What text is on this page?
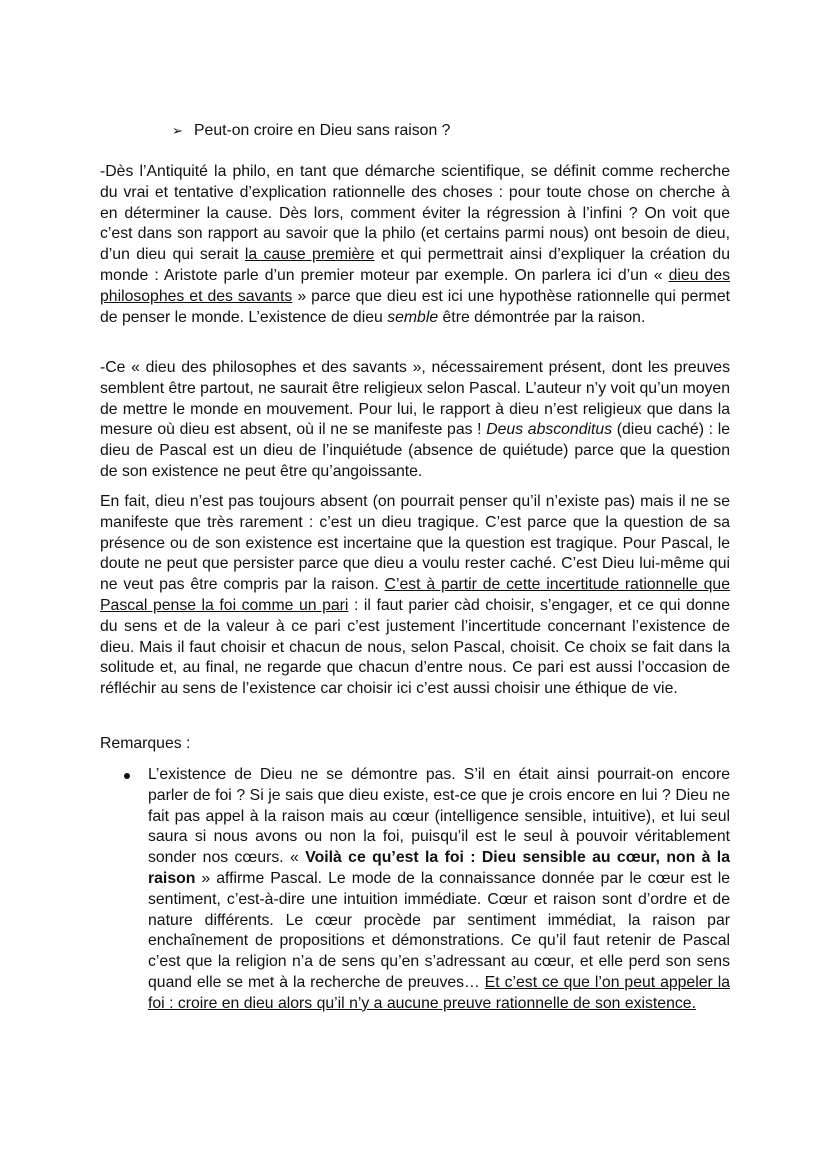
➢ Peut-on croire en Dieu sans raison ?

-Dès l’Antiquité la philo, en tant que démarche scientifique, se définit comme recherche du vrai et tentative d’explication rationnelle des choses : pour toute chose on cherche à en déterminer la cause. Dès lors, comment éviter la régression à l’infini ? On voit que c’est dans son rapport au savoir que la philo (et certains parmi nous) ont besoin de dieu, d’un dieu qui serait la cause première et qui permettrait ainsi d’expliquer la création du monde : Aristote parle d’un premier moteur par exemple. On parlera ici d’un « dieu des philosophes et des savants » parce que dieu est ici une hypothèse rationnelle qui permet de penser le monde. L’existence de dieu semble être démontrée par la raison.

-Ce « dieu des philosophes et des savants », nécessairement présent, dont les preuves semblent être partout, ne saurait être religieux selon Pascal. L’auteur n’y voit qu’un moyen de mettre le monde en mouvement. Pour lui, le rapport à dieu n’est religieux que dans la mesure où dieu est absent, où il ne se manifeste pas ! Deus absconditus (dieu caché) : le dieu de Pascal est un dieu de l’inquiétude (absence de quiétude) parce que la question de son existence ne peut être qu’angoissante.

En fait, dieu n’est pas toujours absent (on pourrait penser qu’il n’existe pas) mais il ne se manifeste que très rarement : c’est un dieu tragique. C’est parce que la question de sa présence ou de son existence est incertaine que la question est tragique. Pour Pascal, le doute ne peut que persister parce que dieu a voulu rester caché. C’est Dieu lui-même qui ne veut pas être compris par la raison. C’est à partir de cette incertitude rationnelle que Pascal pense la foi comme un pari : il faut parier càd choisir, s’engager, et ce qui donne du sens et de la valeur à ce pari c’est justement l’incertitude concernant l’existence de dieu. Mais il faut choisir et chacun de nous, selon Pascal, choisit. Ce choix se fait dans la solitude et, au final, ne regarde que chacun d’entre nous. Ce pari est aussi l’occasion de réfléchir au sens de l’existence car choisir ici c’est aussi choisir une éthique de vie.

Remarques :

L’existence de Dieu ne se démontre pas. S’il en était ainsi pourrait-on encore parler de foi ? Si je sais que dieu existe, est-ce que je crois encore en lui ? Dieu ne fait pas appel à la raison mais au cœur (intelligence sensible, intuitive), et lui seul saura si nous avons ou non la foi, puisqu’il est le seul à pouvoir véritablement sonder nos cœurs. « Voilà ce qu’est la foi : Dieu sensible au cœur, non à la raison » affirme Pascal. Le mode de la connaissance donnée par le cœur est le sentiment, c’est-à-dire une intuition immédiate. Cœur et raison sont d’ordre et de nature différents. Le cœur procède par sentiment immédiat, la raison par enchaînement de propositions et démonstrations. Ce qu’il faut retenir de Pascal c’est que la religion n’a de sens qu’en s’adressant au cœur, et elle perd son sens quand elle se met à la recherche de preuves… Et c’est ce que l’on peut appeler la foi : croire en dieu alors qu’il n’y a aucune preuve rationnelle de son existence.
